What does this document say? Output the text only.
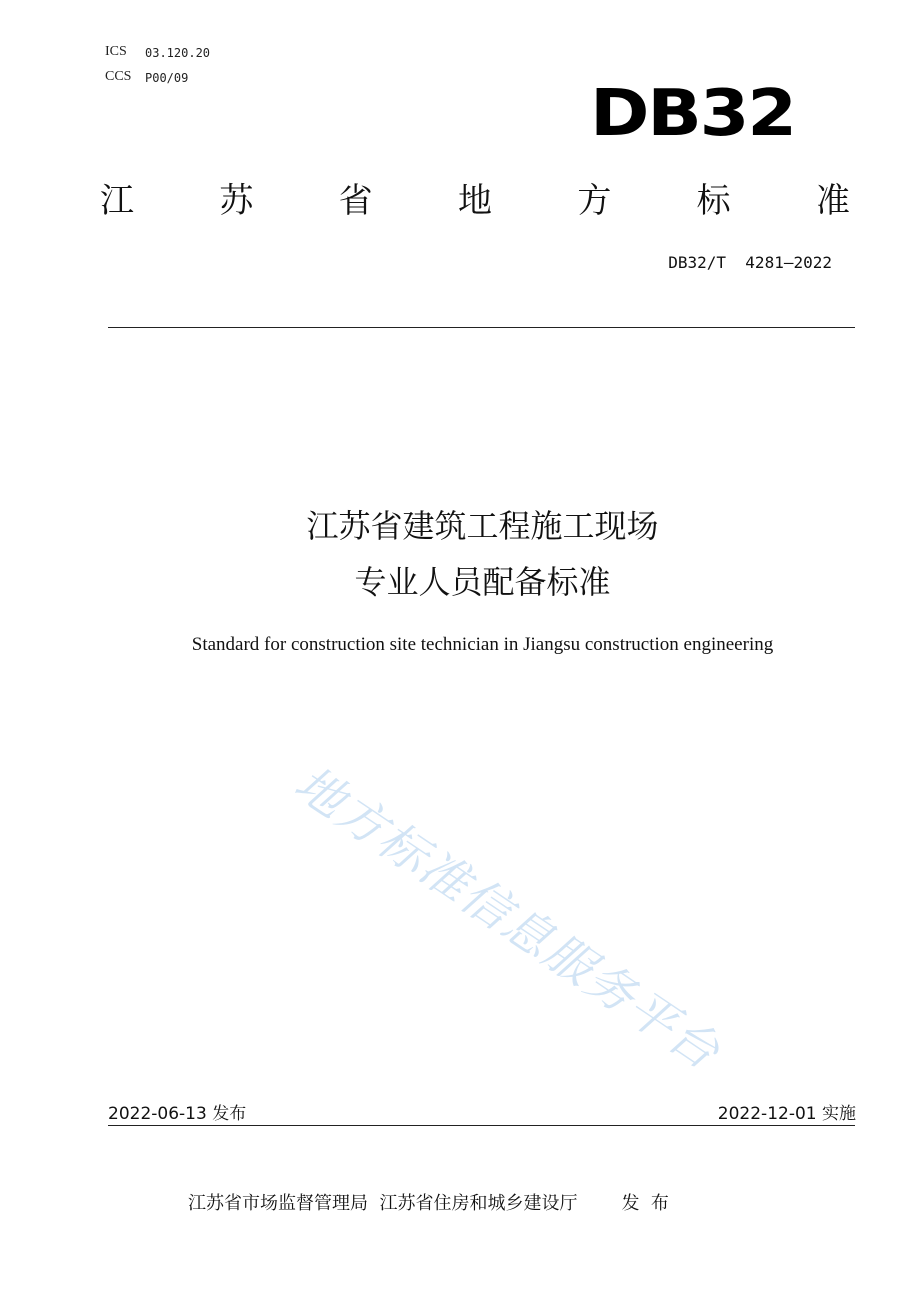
ICS 03.120.20
CCS P00/09	DB32
江	苏	省	地	方	标	准
DB32/T  4281—2022
江苏省建筑工程施工现场
专业人员配备标准
Standard for construction site technician in Jiangsu construction engineering
地方标准信息服务平台
2022-06-13 发布	2022-12-01 实施
江苏省市场监督管理局  江苏省住房和城乡建设厅 发  布
